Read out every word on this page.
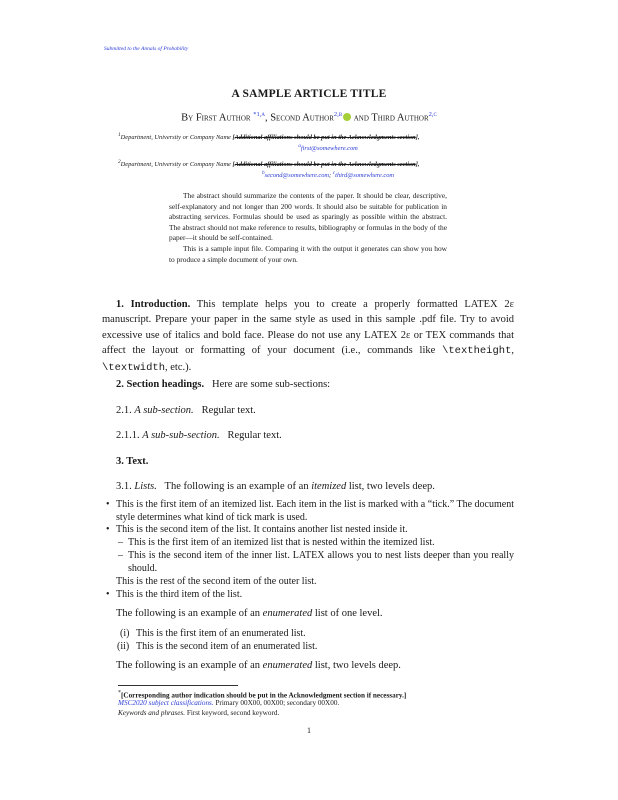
Submitted to the Annals of Probability
A SAMPLE ARTICLE TITLE
By First Author $^{*1,a}$, Second Author$^{2,b}$ and Third Author$^{2,c}$
$^1$Department, University or Company Name [Additional affiliations should be put in the Acknowledgments section],
$^a$first@somewhere.com
$^2$Department, University or Company Name [Additional affiliations should be put in the Acknowledgments section],
$^b$second@somewhere.com; $^c$third@somewhere.com

The abstract should summarize the contents of the paper. It should be clear, descriptive, self-explanatory and not longer than 200 words. It should also be suitable for publication in abstracting services. Formulas should be used as sparingly as possible within the abstract. The abstract should not make reference to results, bibliography or formulas in the body of the paper—it should be self-contained.

This is a sample input file. Comparing it with the output it generates can show you how to produce a simple document of your own.

1. Introduction. This template helps you to create a properly formatted LATEX 2ε manuscript. Prepare your paper in the same style as used in this sample .pdf file. Try to avoid excessive use of italics and bold face. Please do not use any LATEX 2ε or TEX commands that affect the layout or formatting of your document (i.e., commands like \textheight, \textwidth, etc.).

2. Section headings. Here are some sub-sections:

2.1. A sub-section. Regular text.

2.1.1. A sub-sub-section. Regular text.

3. Text.

3.1. Lists. The following is an example of an itemized list, two levels deep.

• This is the first item of an itemized list. Each item in the list is marked with a “tick.” The document style determines what kind of tick mark is used.
• This is the second item of the list. It contains another list nested inside it.
– This is the first item of an itemized list that is nested within the itemized list.
– This is the second item of the inner list. LATEX allows you to nest lists deeper than you really should.
This is the rest of the second item of the outer list.
• This is the third item of the list.

The following is an example of an enumerated list of one level.

(i) This is the first item of an enumerated list.
(ii) This is the second item of an enumerated list.

The following is an example of an enumerated list, two levels deep.

*[Corresponding author indication should be put in the Acknowledgment section if necessary.]
MSC2020 subject classifications. Primary 00X00, 00X00; secondary 00X00.
Keywords and phrases. First keyword, second keyword.
1
